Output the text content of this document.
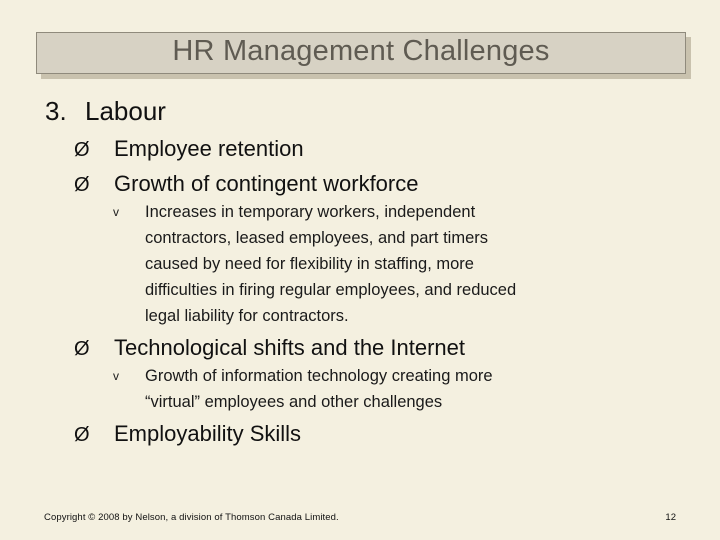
HR Management Challenges
3. Labour
Ø Employee retention
Ø Growth of contingent workforce
v Increases in temporary workers, independent contractors, leased employees, and part timers caused by need for flexibility in staffing, more difficulties in firing regular employees, and reduced legal liability for contractors.
Ø Technological shifts and the Internet
v Growth of information technology creating more “virtual” employees and other challenges
Ø Employability Skills
Copyright © 2008 by Nelson, a division of Thomson Canada Limited.	12
